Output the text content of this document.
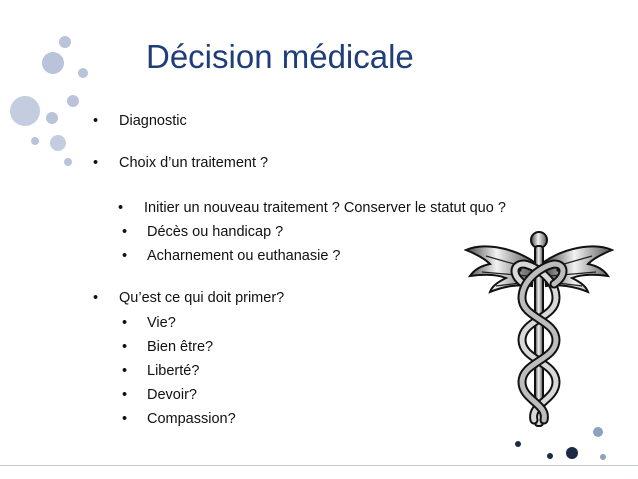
Décision médicale
• Diagnostic
• Choix d’un traitement ?
• Initier un nouveau traitement ? Conserver le statut quo ?
• Décès ou handicap ?
• Acharnement ou euthanasie ?
• Qu’est ce qui doit primer?
• Vie?
• Bien être?
• Liberté?
• Devoir?
• Compassion?
